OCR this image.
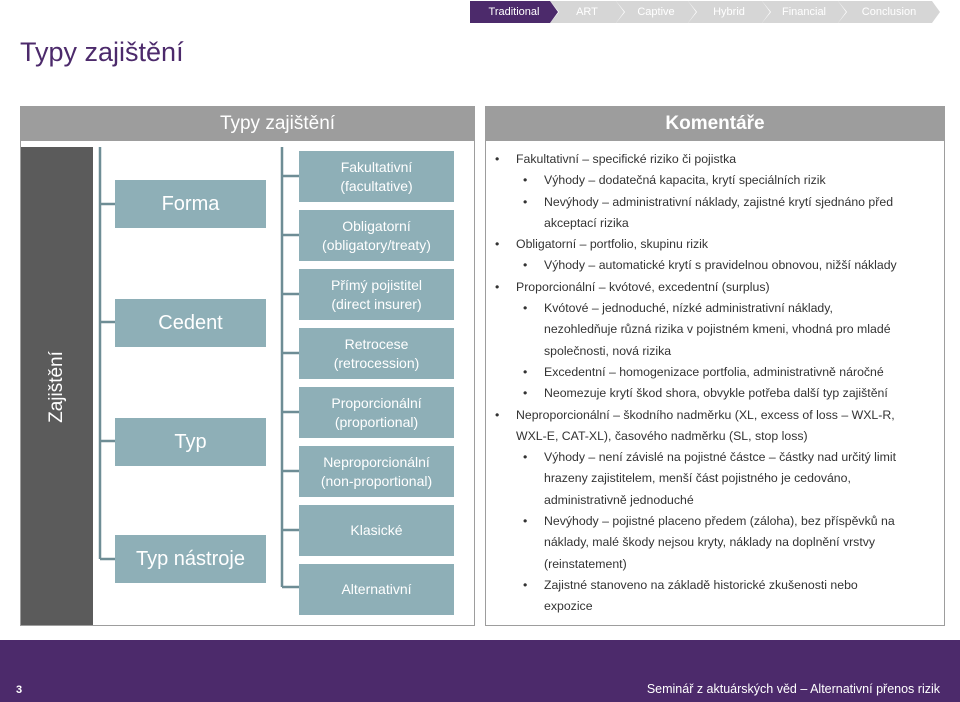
Traditional	ART	Captive	Hybrid	Financial	Conclusion
Typy zajištění
Typy zajištění
Zajištění
Forma
Cedent
Typ
Typ nástroje
Fakultativní
(facultative)
Obligatorní
(obligatory/treaty)
Přímý pojistitel
(direct insurer)
Retrocese
(retrocession)
Proporcionální
(proportional)
Neproporcionální
(non-proportional)
Klasické
Alternativní
Komentáře
• Fakultativní – specifické riziko či pojistka
• Výhody – dodatečná kapacita, krytí speciálních rizik
• Nevýhody – administrativní náklady, zajistné krytí sjednáno před
akceptací rizika
• Obligatorní – portfolio, skupinu rizik
• Výhody – automatické krytí s pravidelnou obnovou, nižší náklady
• Proporcionální – kvótové, excedentní (surplus)
• Kvótové – jednoduché, nízké administrativní náklady,
nezohledňuje různá rizika v pojistném kmeni, vhodná pro mladé
společnosti, nová rizika
• Excedentní – homogenizace portfolia, administrativně náročné
• Neomezuje krytí škod shora, obvykle potřeba další typ zajištění
• Neproporcionální – škodního nadměrku (XL, excess of loss – WXL-R,
WXL-E, CAT-XL), časového nadměrku (SL, stop loss)
• Výhody – není závislé na pojistné částce – částky nad určitý limit
hrazeny zajistitelem, menší část pojistného je cedováno,
administrativně jednoduché
• Nevýhody – pojistné placeno předem (záloha), bez příspěvků na
náklady, malé škody nejsou kryty, náklady na doplnění vrstvy
(reinstatement)
• Zajistné stanoveno na základě historické zkušenosti nebo
expozice
3	Seminář z aktuárských věd – Alternativní přenos rizik
